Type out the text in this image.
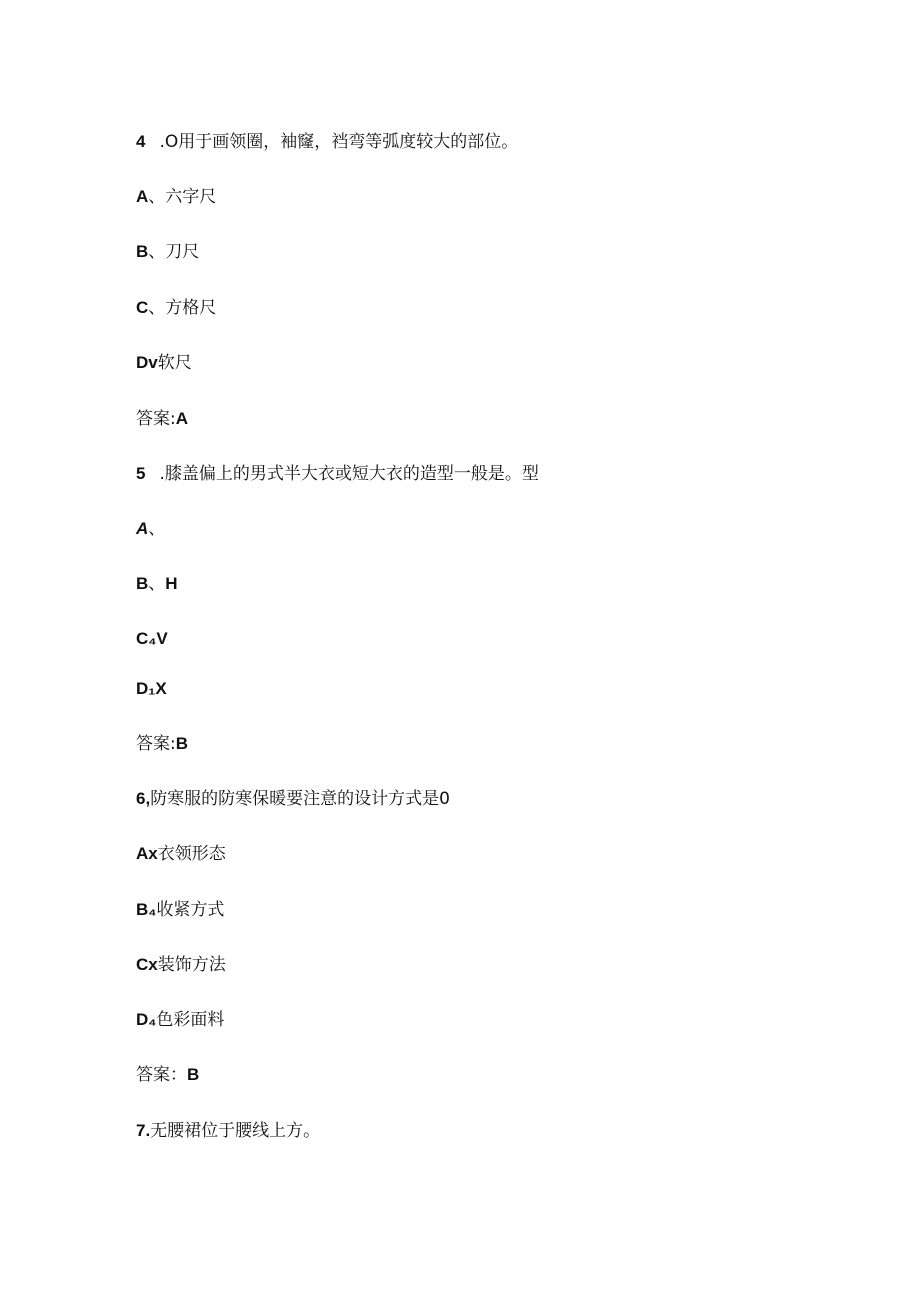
4 .O用于画领圈，袖窿，裆弯等弧度较大的部位。
A、六字尺
B、刀尺
C、方格尺
Dv软尺
答案:A
5 .膝盖偏上的男式半大衣或短大衣的造型一般是。型
A、
B、H
C₄V
D₁X
答案:B
6,防寒服的防寒保暖要注意的设计方式是0
Ax衣领形态
B₄收紧方式
Cx装饰方法
D₄色彩面料
答案：B
7.无腰裙位于腰线上方。
